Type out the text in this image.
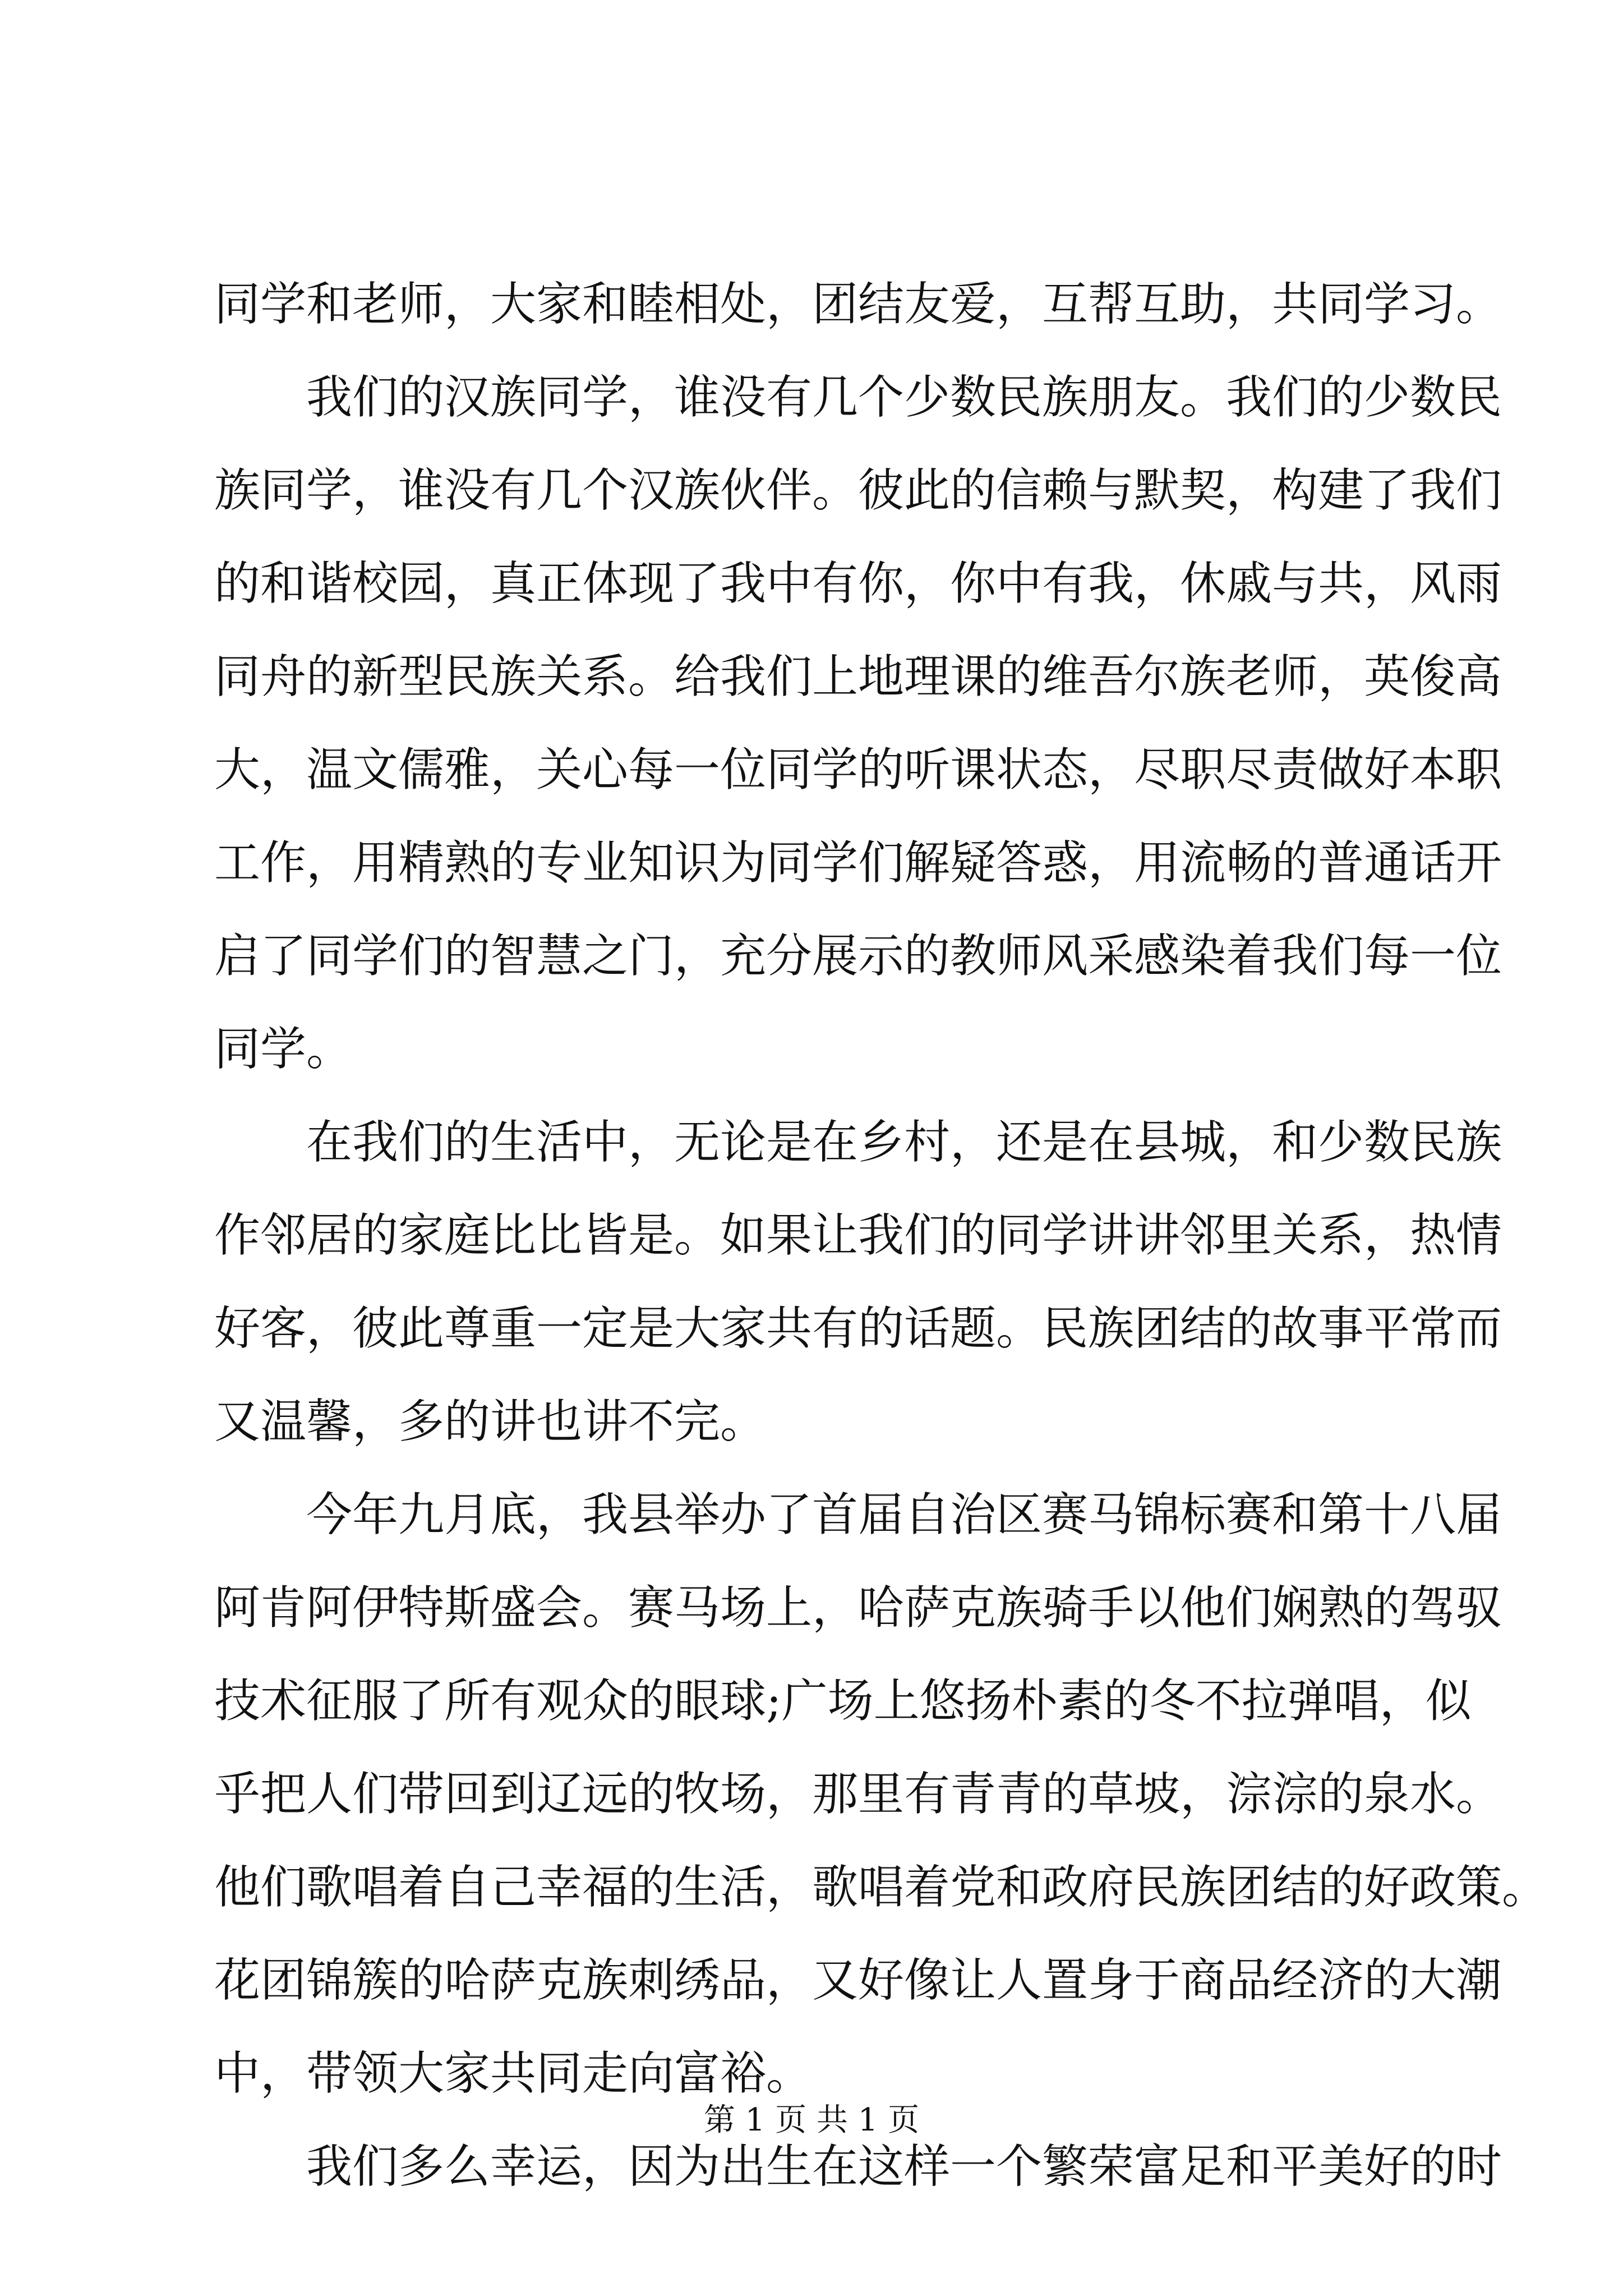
同学和老师，大家和睦相处，团结友爱，互帮互助，共同学习。
我们的汉族同学，谁没有几个少数民族朋友。我们的少数民
族同学，谁没有几个汉族伙伴。彼此的信赖与默契，构建了我们
的和谐校园，真正体现了我中有你，你中有我，休戚与共，风雨
同舟的新型民族关系。给我们上地理课的维吾尔族老师，英俊高
大，温文儒雅，关心每一位同学的听课状态，尽职尽责做好本职
工作，用精熟的专业知识为同学们解疑答惑，用流畅的普通话开
启了同学们的智慧之门，充分展示的教师风采感染着我们每一位
同学。
在我们的生活中，无论是在乡村，还是在县城，和少数民族
作邻居的家庭比比皆是。如果让我们的同学讲讲邻里关系，热情
好客，彼此尊重一定是大家共有的话题。民族团结的故事平常而
又温馨，多的讲也讲不完。
今年九月底，我县举办了首届自治区赛马锦标赛和第十八届
阿肯阿伊特斯盛会。赛马场上，哈萨克族骑手以他们娴熟的驾驭
技术征服了所有观众的眼球;广场上悠扬朴素的冬不拉弹唱，似
乎把人们带回到辽远的牧场，那里有青青的草坡，淙淙的泉水。
他们歌唱着自己幸福的生活，歌唱着党和政府民族团结的好政策。
花团锦簇的哈萨克族刺绣品，又好像让人置身于商品经济的大潮
中，带领大家共同走向富裕。
我们多么幸运，因为出生在这样一个繁荣富足和平美好的时
第 1 页 共 1 页
